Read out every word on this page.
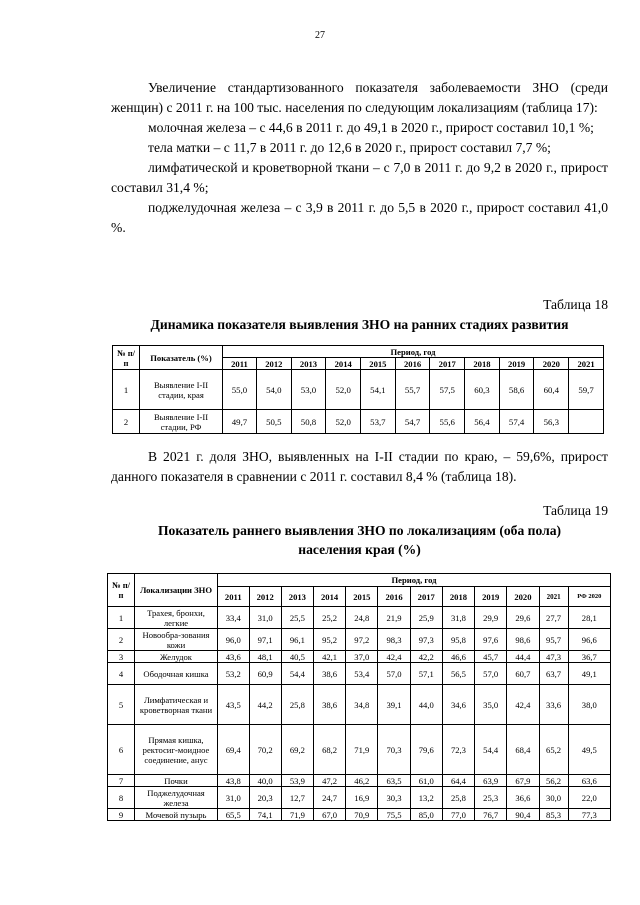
27

Увеличение стандартизованного показателя заболеваемости ЗНО (среди женщин) с 2011 г. на 100 тыс. населения по следующим локализациям (таблица 17):

молочная железа – с 44,6 в 2011 г. до 49,1 в 2020 г., прирост составил 10,1 %;

тела матки – с 11,7 в 2011 г. до 12,6 в 2020 г., прирост составил 7,7 %;

лимфатической и кроветворной ткани – с 7,0 в 2011 г. до 9,2 в 2020 г., прирост составил 31,4 %;

поджелудочная железа – с 3,9 в 2011 г. до 5,5 в 2020 г., прирост составил 41,0 %.

Таблица 18
Динамика показателя выявления ЗНО на ранних стадиях развития
№ п/п	Показатель (%)	Период, год										
		2011	2012	2013	2014	2015	2016	2017	2018	2019	2020	2021
1	Выявление I-II стадии, края	55,0	54,0	53,0	52,0	54,1	55,7	57,5	60,3	58,6	60,4	59,7
2	Выявление I-II стадии, РФ	49,7	50,5	50,8	52,0	53,7	54,7	55,6	56,4	57,4	56,3	

В 2021 г. доля ЗНО, выявленных на I-II стадии по краю, – 59,6%, прирост данного показателя в сравнении с 2011 г. составил 8,4 % (таблица 18).

Таблица 19
Показатель раннего выявления ЗНО по локализациям (оба пола)
населения края (%)
№ п/п	Локализации ЗНО	Период, год											
		2011	2012	2013	2014	2015	2016	2017	2018	2019	2020	2021	РФ 2020
1	Трахея, бронхи, легкие	33,4	31,0	25,5	25,2	24,8	21,9	25,9	31,8	29,9	29,6	27,7	28,1
2	Новообра-зования кожи	96,0	97,1	96,1	95,2	97,2	98,3	97,3	95,8	97,6	98,6	95,7	96,6
3	Желудок	43,6	48,1	40,5	42,1	37,0	42,4	42,2	46,6	45,7	44,4	47,3	36,7
4	Ободочная кишка	53,2	60,9	54,4	38,6	53,4	57,0	57,1	56,5	57,0	60,7	63,7	49,1
5	Лимфатическая и кроветворная ткани	43,5	44,2	25,8	38,6	34,8	39,1	44,0	34,6	35,0	42,4	33,6	38,0
6	Прямая кишка, ректосиг-моидное соединение, анус	69,4	70,2	69,2	68,2	71,9	70,3	79,6	72,3	54,4	68,4	65,2	49,5
7	Почки	43,8	40,0	53,9	47,2	46,2	63,5	61,0	64,4	63,9	67,9	56,2	63,6
8	Поджелудочная железа	31,0	20,3	12,7	24,7	16,9	30,3	13,2	25,8	25,3	36,6	30,0	22,0
9	Мочевой пузырь	65,5	74,1	71,9	67,0	70,9	75,5	85,0	77,0	76,7	90,4	85,3	77,3
